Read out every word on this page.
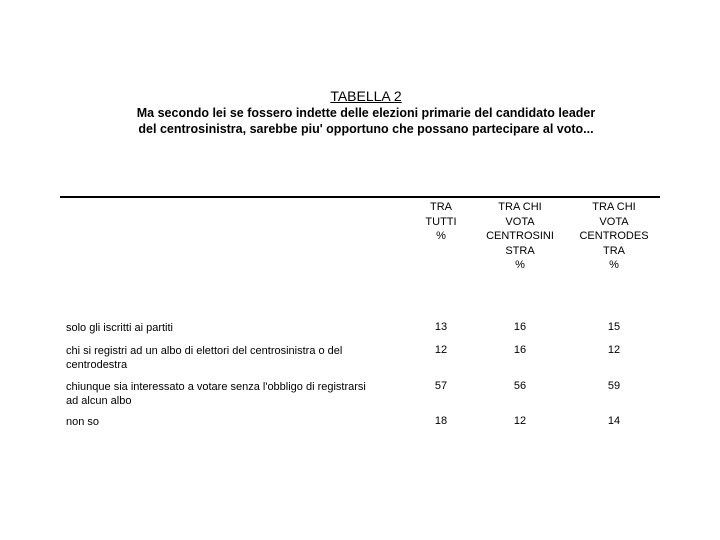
TABELLA 2
Ma secondo lei se fossero indette delle elezioni primarie del candidato leader
del centrosinistra, sarebbe piu' opportuno che possano partecipare al voto...
TRA
TUTTI
%
TRA CHI
VOTA
CENTROSINI
STRA
%
TRA CHI
VOTA
CENTRODES
TRA
%
solo gli iscritti ai partiti	13	16	15
chi si registri ad un albo di elettori del centrosinistra o del
centrodestra
12	16	12
chiunque sia interessato a votare senza l'obbligo di registrarsi
ad alcun albo
57	56	59
non so	18	12	14
